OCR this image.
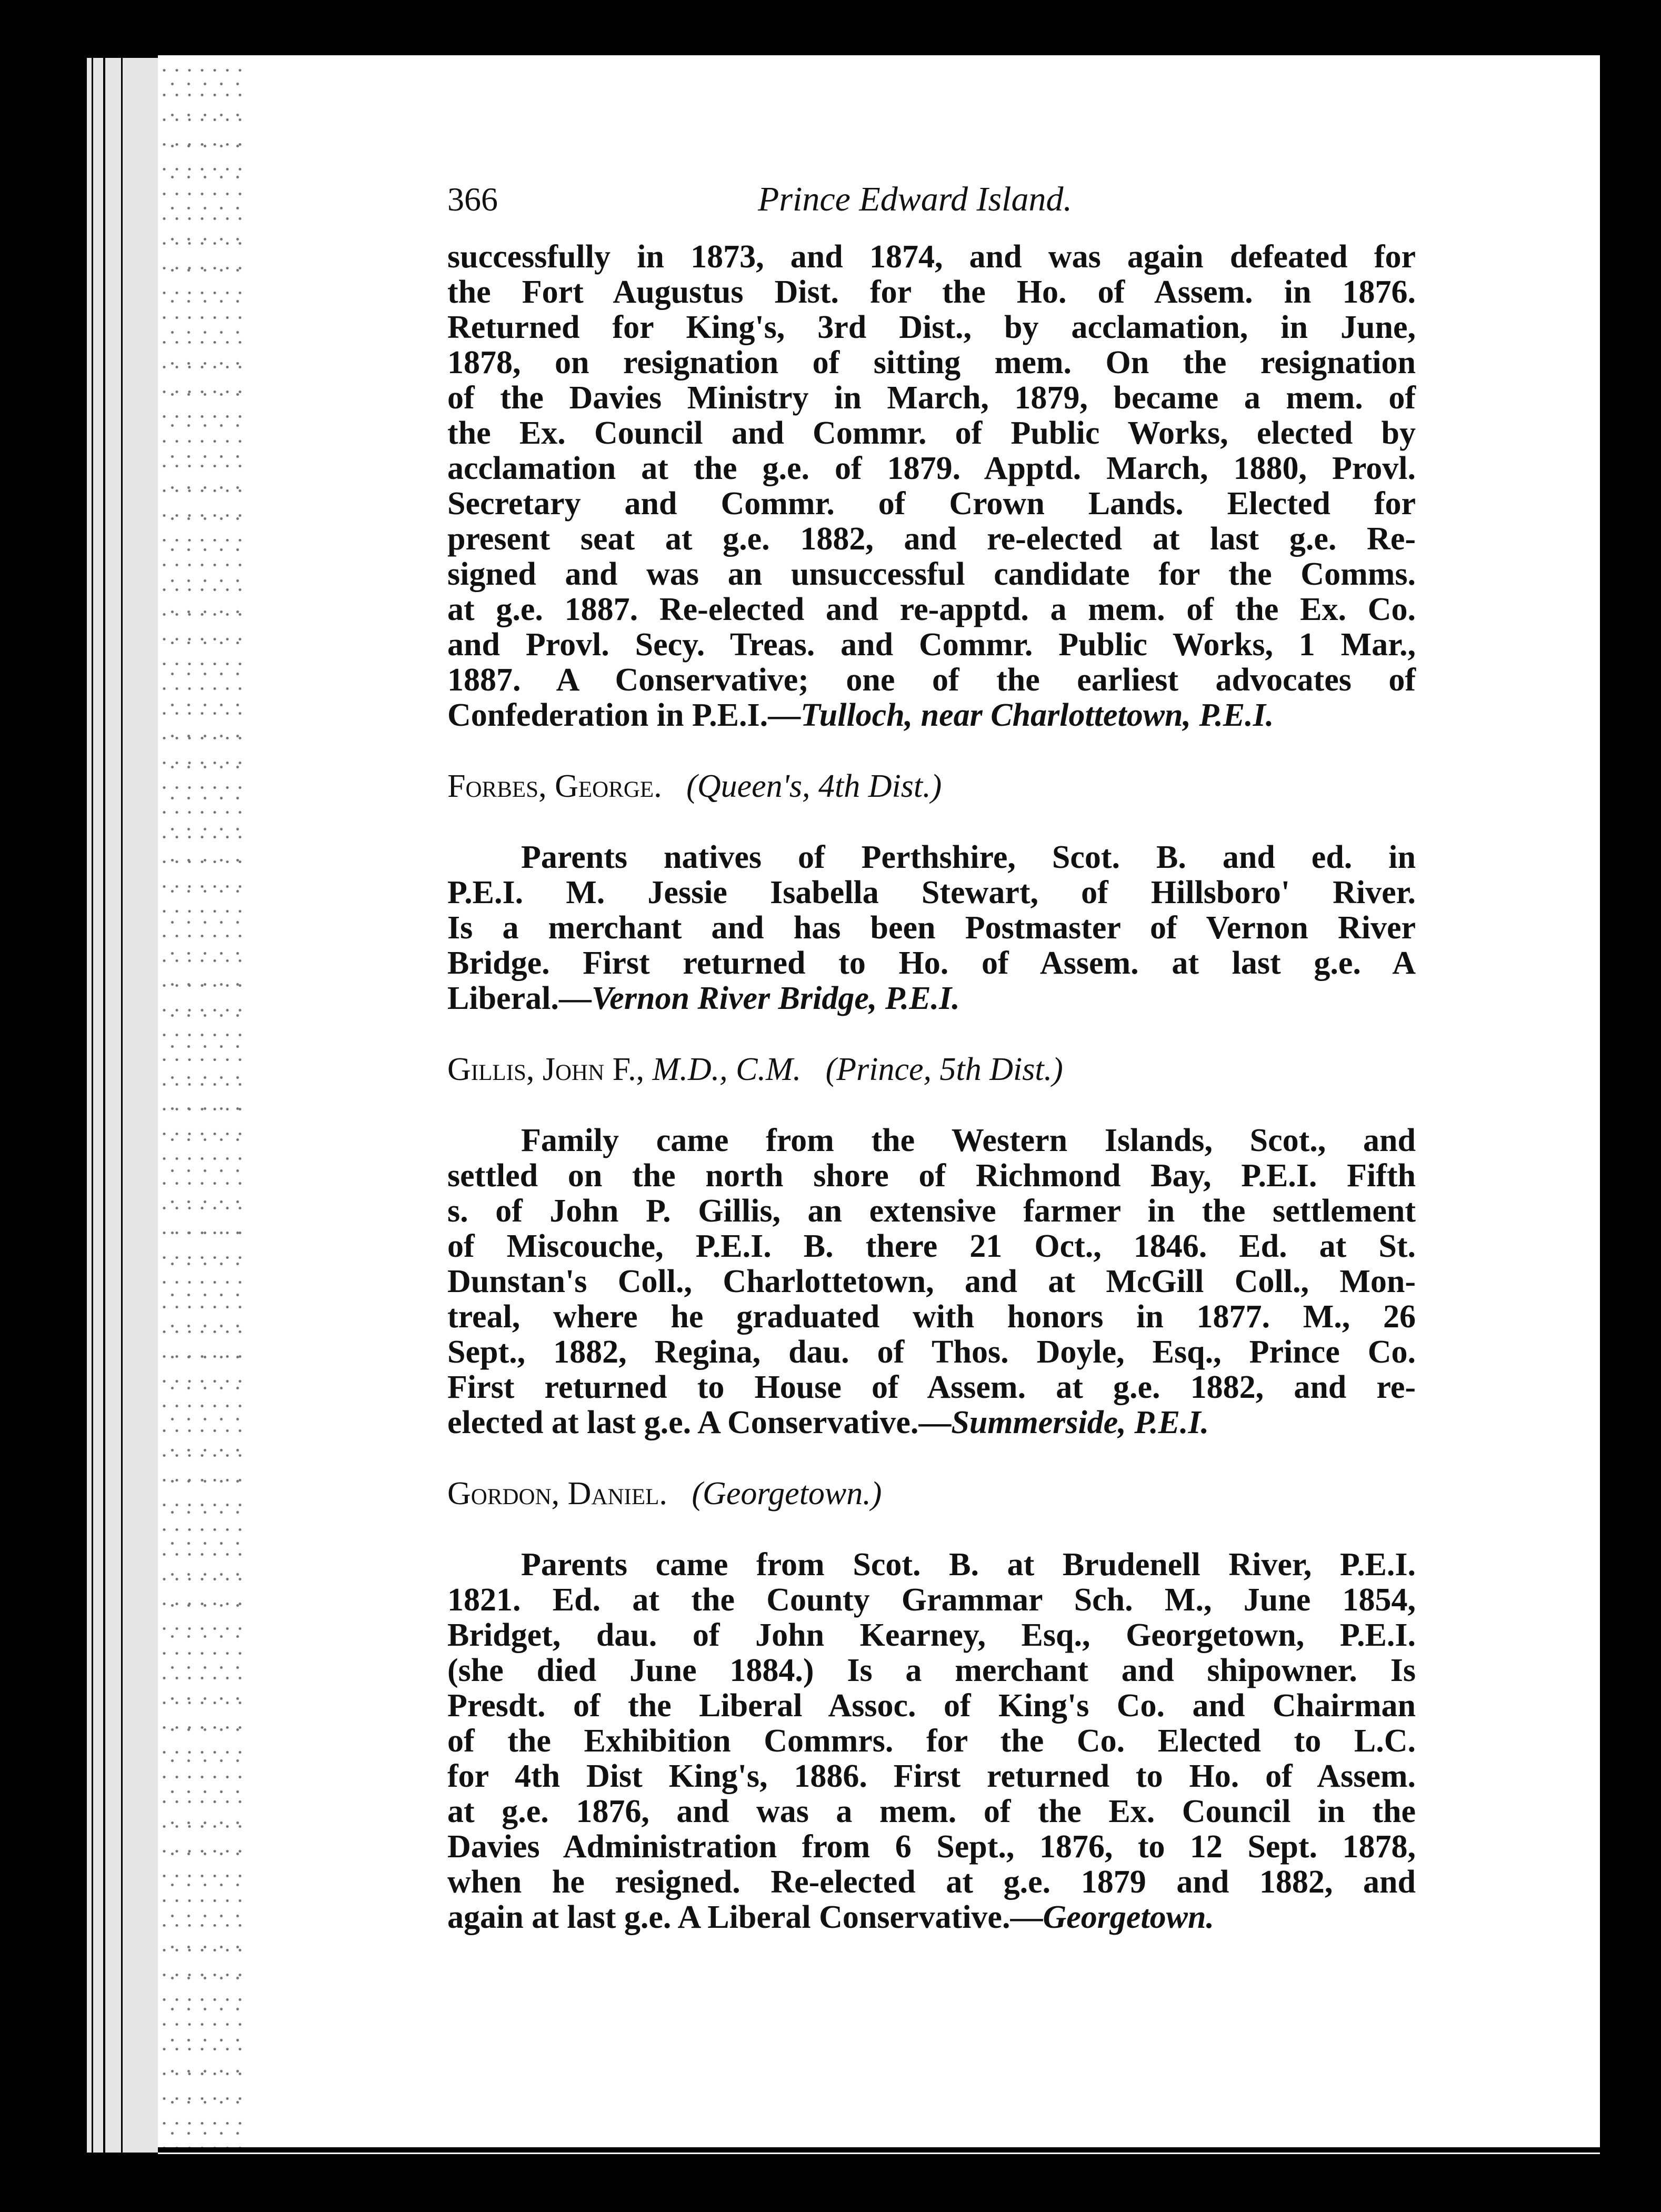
366	Prince Edward Island.
successfully in 1873, and 1874, and was again defeated for
the Fort Augustus Dist. for the Ho. of Assem. in 1876.
Returned for King's, 3rd Dist., by acclamation, in June,
1878, on resignation of sitting mem. On the resignation
of the Davies Ministry in March, 1879, became a mem. of
the Ex. Council and Commr. of Public Works, elected by
acclamation at the g.e. of 1879. Apptd. March, 1880, Provl.
Secretary and Commr. of Crown Lands. Elected for
present seat at g.e. 1882, and re-elected at last g.e. Re-
signed and was an unsuccessful candidate for the Comms.
at g.e. 1887. Re-elected and re-apptd. a mem. of the Ex. Co.
and Provl. Secy. Treas. and Commr. Public Works, 1 Mar.,
1887. A Conservative; one of the earliest advocates of
Confederation in P.E.I.—Tulloch, near Charlottetown, P.E.I.
Forbes, George. (Queen's, 4th Dist.)
Parents natives of Perthshire, Scot. B. and ed. in
P.E.I. M. Jessie Isabella Stewart, of Hillsboro' River.
Is a merchant and has been Postmaster of Vernon River
Bridge. First returned to Ho. of Assem. at last g.e. A
Liberal.—Vernon River Bridge, P.E.I.
Gillis, John F., M.D., C.M. (Prince, 5th Dist.)
Family came from the Western Islands, Scot., and
settled on the north shore of Richmond Bay, P.E.I. Fifth
s. of John P. Gillis, an extensive farmer in the settlement
of Miscouche, P.E.I. B. there 21 Oct., 1846. Ed. at St.
Dunstan's Coll., Charlottetown, and at McGill Coll., Mon-
treal, where he graduated with honors in 1877. M., 26
Sept., 1882, Regina, dau. of Thos. Doyle, Esq., Prince Co.
First returned to House of Assem. at g.e. 1882, and re-
elected at last g.e. A Conservative.—Summerside, P.E.I.
Gordon, Daniel. (Georgetown.)
Parents came from Scot. B. at Brudenell River, P.E.I.
1821. Ed. at the County Grammar Sch. M., June 1854,
Bridget, dau. of John Kearney, Esq., Georgetown, P.E.I.
(she died June 1884.) Is a merchant and shipowner. Is
Presdt. of the Liberal Assoc. of King's Co. and Chairman
of the Exhibition Commrs. for the Co. Elected to L.C.
for 4th Dist King's, 1886. First returned to Ho. of Assem.
at g.e. 1876, and was a mem. of the Ex. Council in the
Davies Administration from 6 Sept., 1876, to 12 Sept. 1878,
when he resigned. Re-elected at g.e. 1879 and 1882, and
again at last g.e. A Liberal Conservative.—Georgetown.
